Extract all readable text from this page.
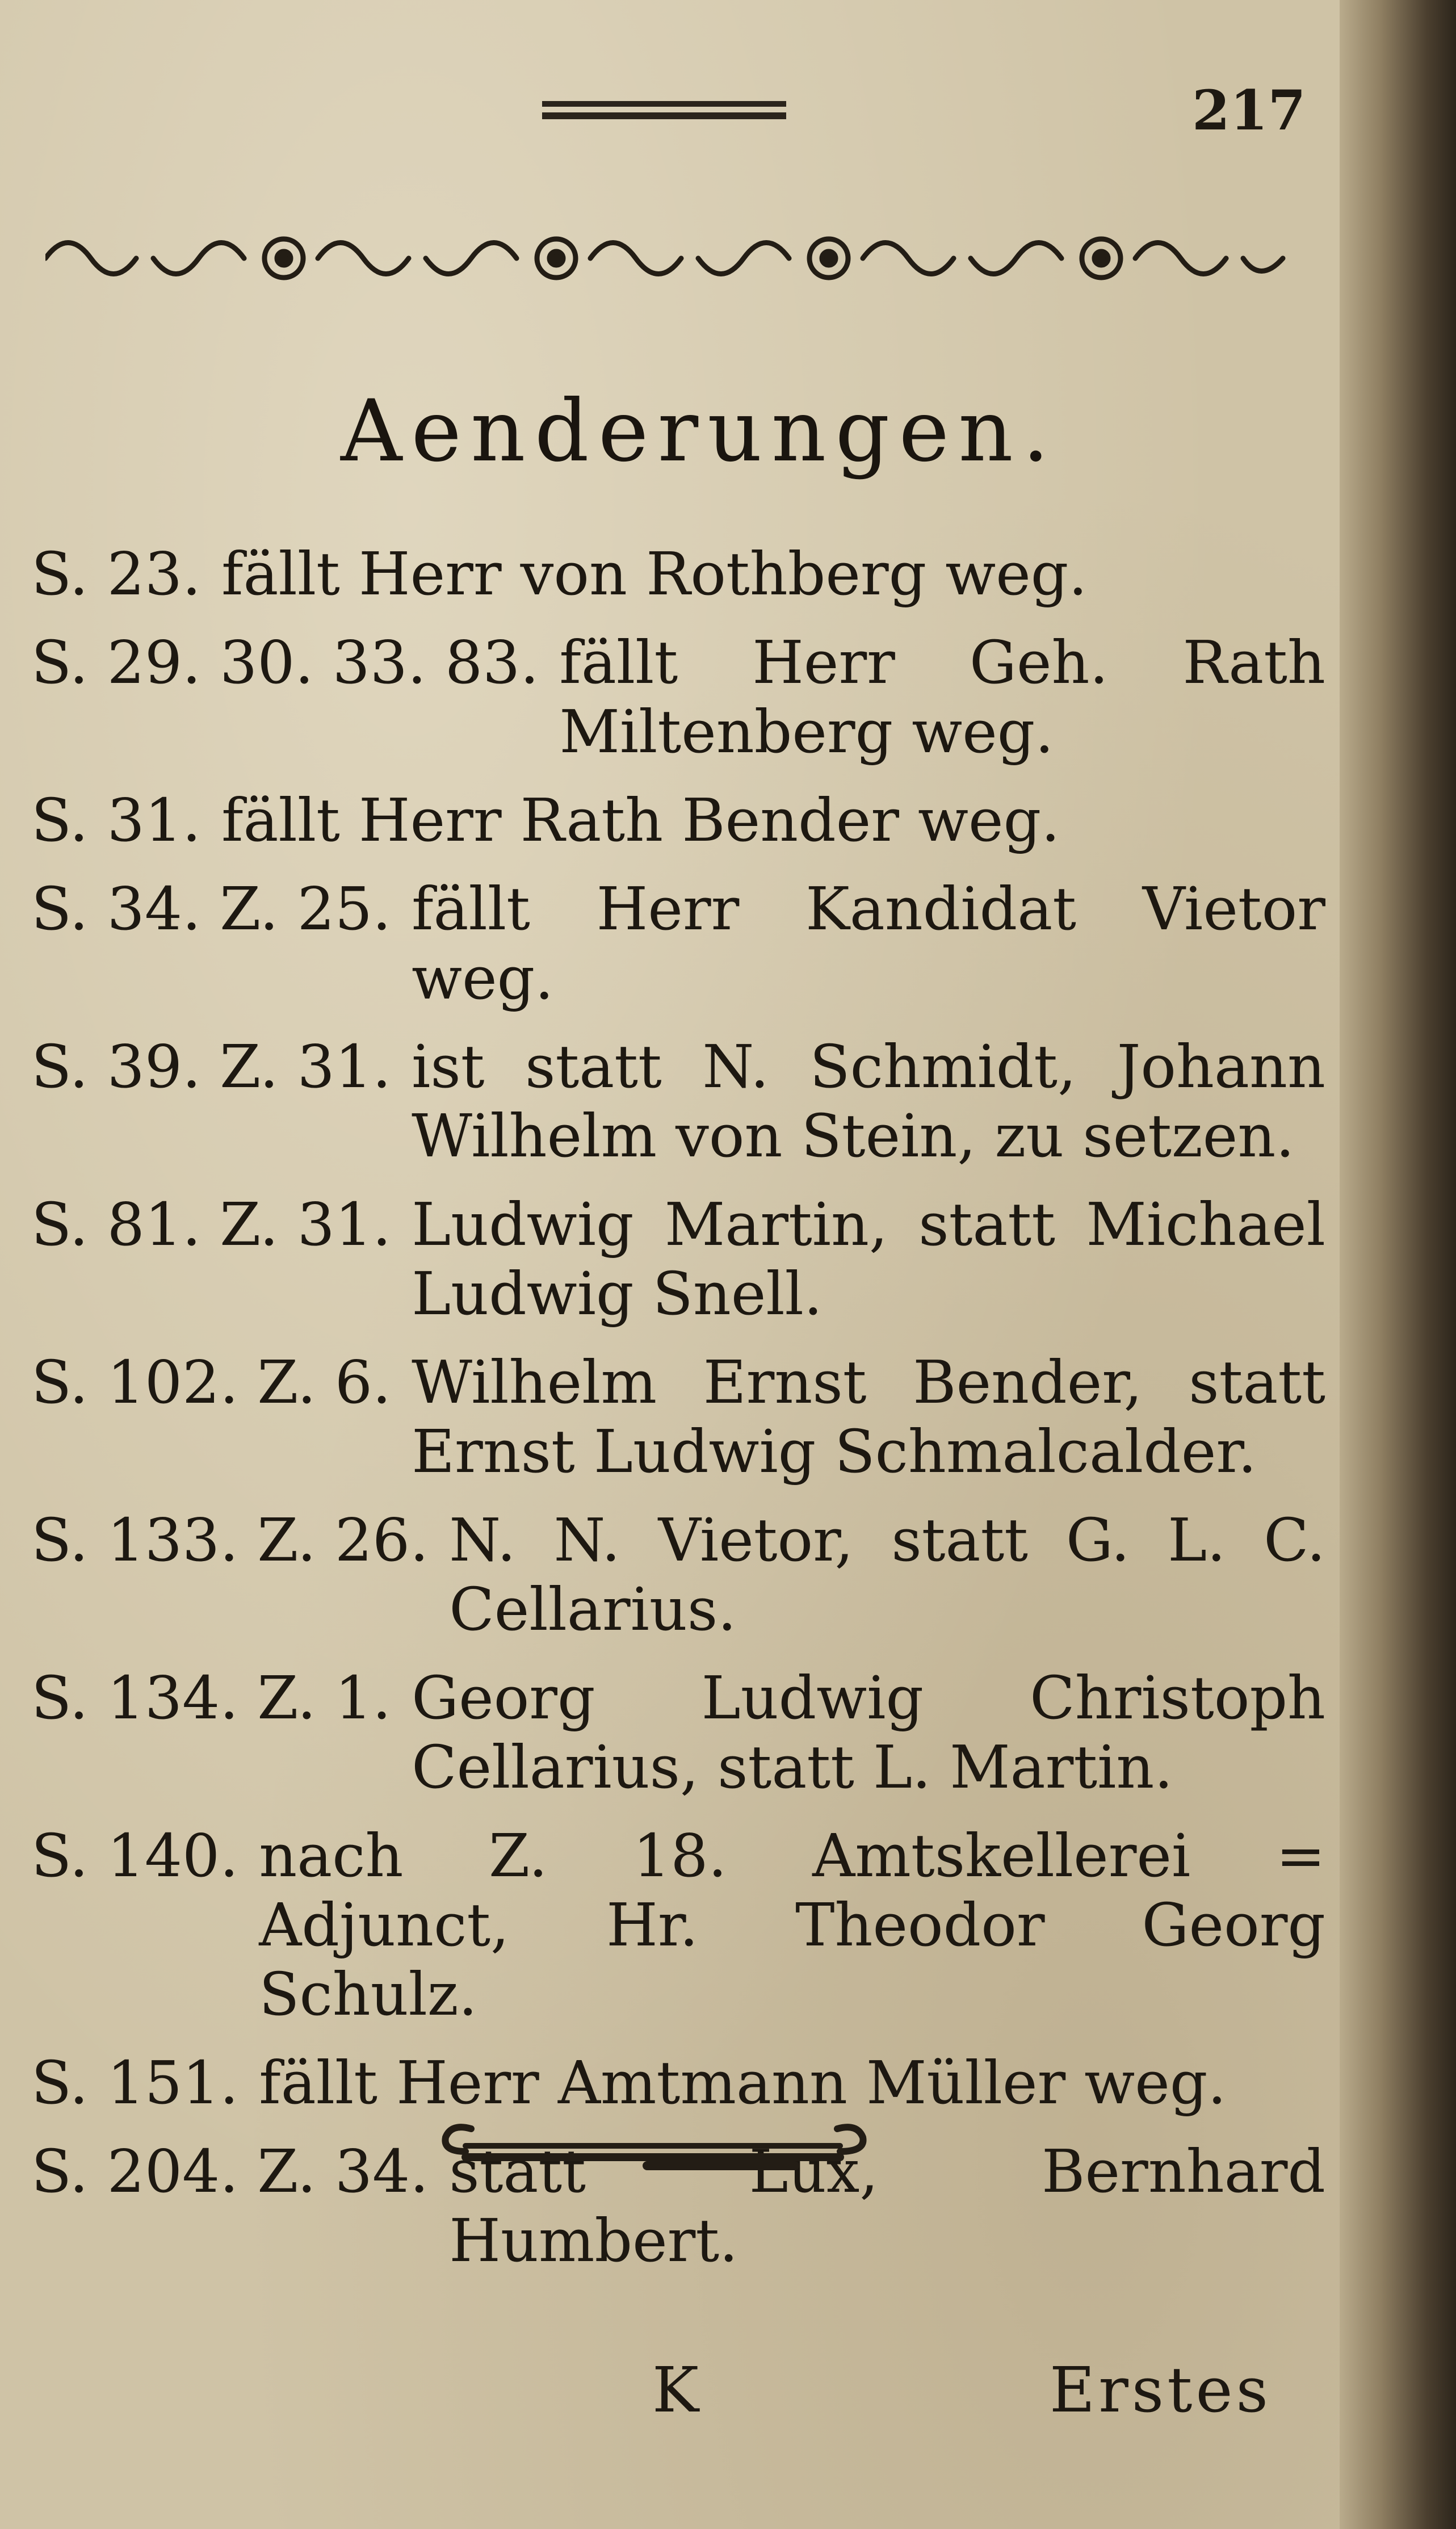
217
Aenderungen.
S. 23. fällt Herr von Rothberg weg.
S. 29. 30. 33. 83. fällt Herr Geh. Rath Miltenberg weg.
S. 31. fällt Herr Rath Bender weg.
S. 34. Z. 25. fällt Herr Kandidat Vietor weg.
S. 39. Z. 31. ist statt N. Schmidt, Johann Wilhelm von Stein, zu setzen.
S. 81. Z. 31. Ludwig Martin, statt Michael Ludwig Snell.
S. 102. Z. 6. Wilhelm Ernst Bender, statt Ernst Ludwig Schmalcalder.
S. 133. Z. 26. N. N. Vietor, statt G. L. C. Cellarius.
S. 134. Z. 1. Georg Ludwig Christoph Cellarius, statt L. Martin.
S. 140. nach Z. 18. Amtskellerei = Adjunct, Hr. Theodor Georg Schulz.
S. 151. fällt Herr Amtmann Müller weg.
S. 204. Z. 34. statt Lux, Bernhard Humbert.
K	Erstes
